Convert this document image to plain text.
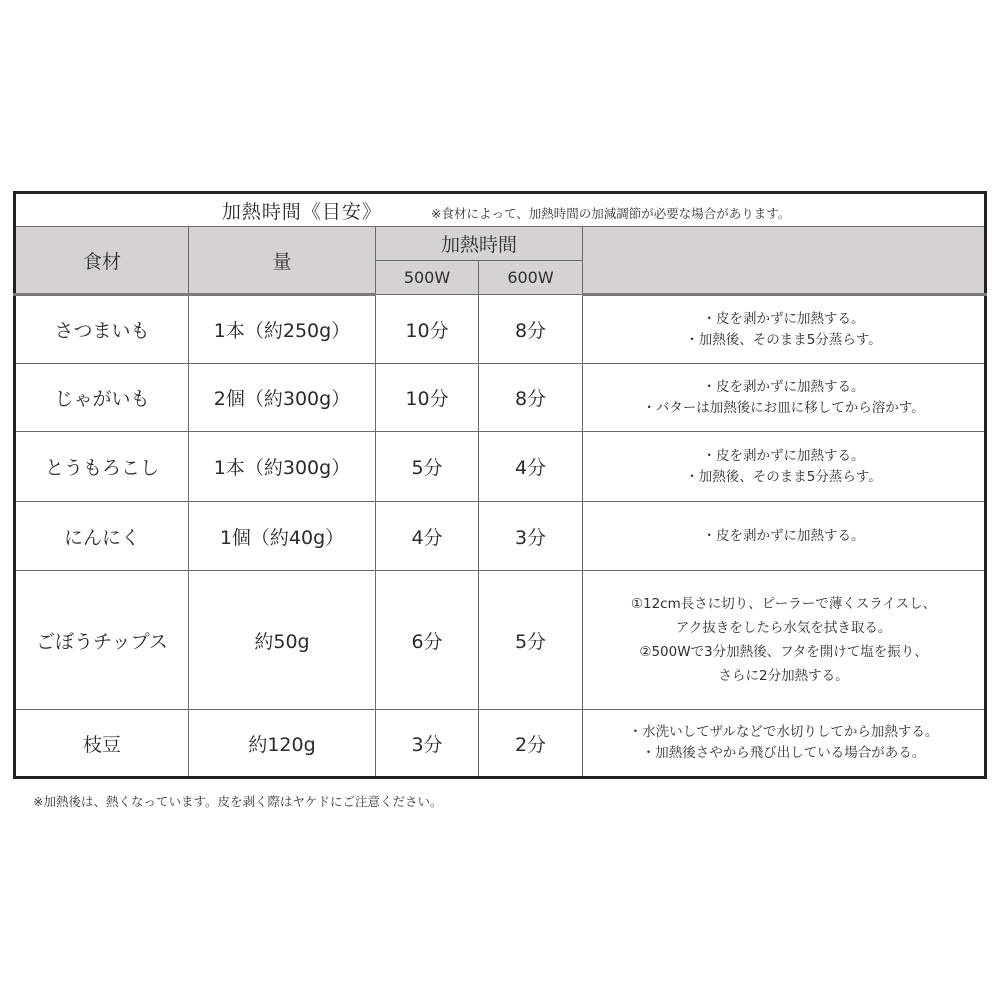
加熱時間《目安》 ※食材によって、加熱時間の加減調節が必要な場合があります。				
食材	量	加熱時間		
		500W	600W	
さつまいも	1本（約250g）	10分	8分	・皮を剥かずに加熱する。
・加熱後、そのまま5分蒸らす。

じゃがいも	2個（約300g）	10分	8分	・皮を剥かずに加熱する。
・バターは加熱後にお皿に移してから溶かす。

とうもろこし	1本（約300g）	5分	4分	・皮を剥かずに加熱する。
・加熱後、そのまま5分蒸らす。

にんにく	1個（約40g）	4分	3分	・皮を剥かずに加熱する。

ごぼうチップス	約50g	6分	5分	①12cm長さに切り、ピーラーで薄くスライスし、
アク抜きをしたら水気を拭き取る。
②500Wで3分加熱後、フタを開けて塩を振り、
さらに2分加熱する。

枝豆	約120g	3分	2分	・水洗いしてザルなどで水切りしてから加熱する。
・加熱後さやから飛び出している場合がある。
※加熱後は、熱くなっています。皮を剥く際はヤケドにご注意ください。
